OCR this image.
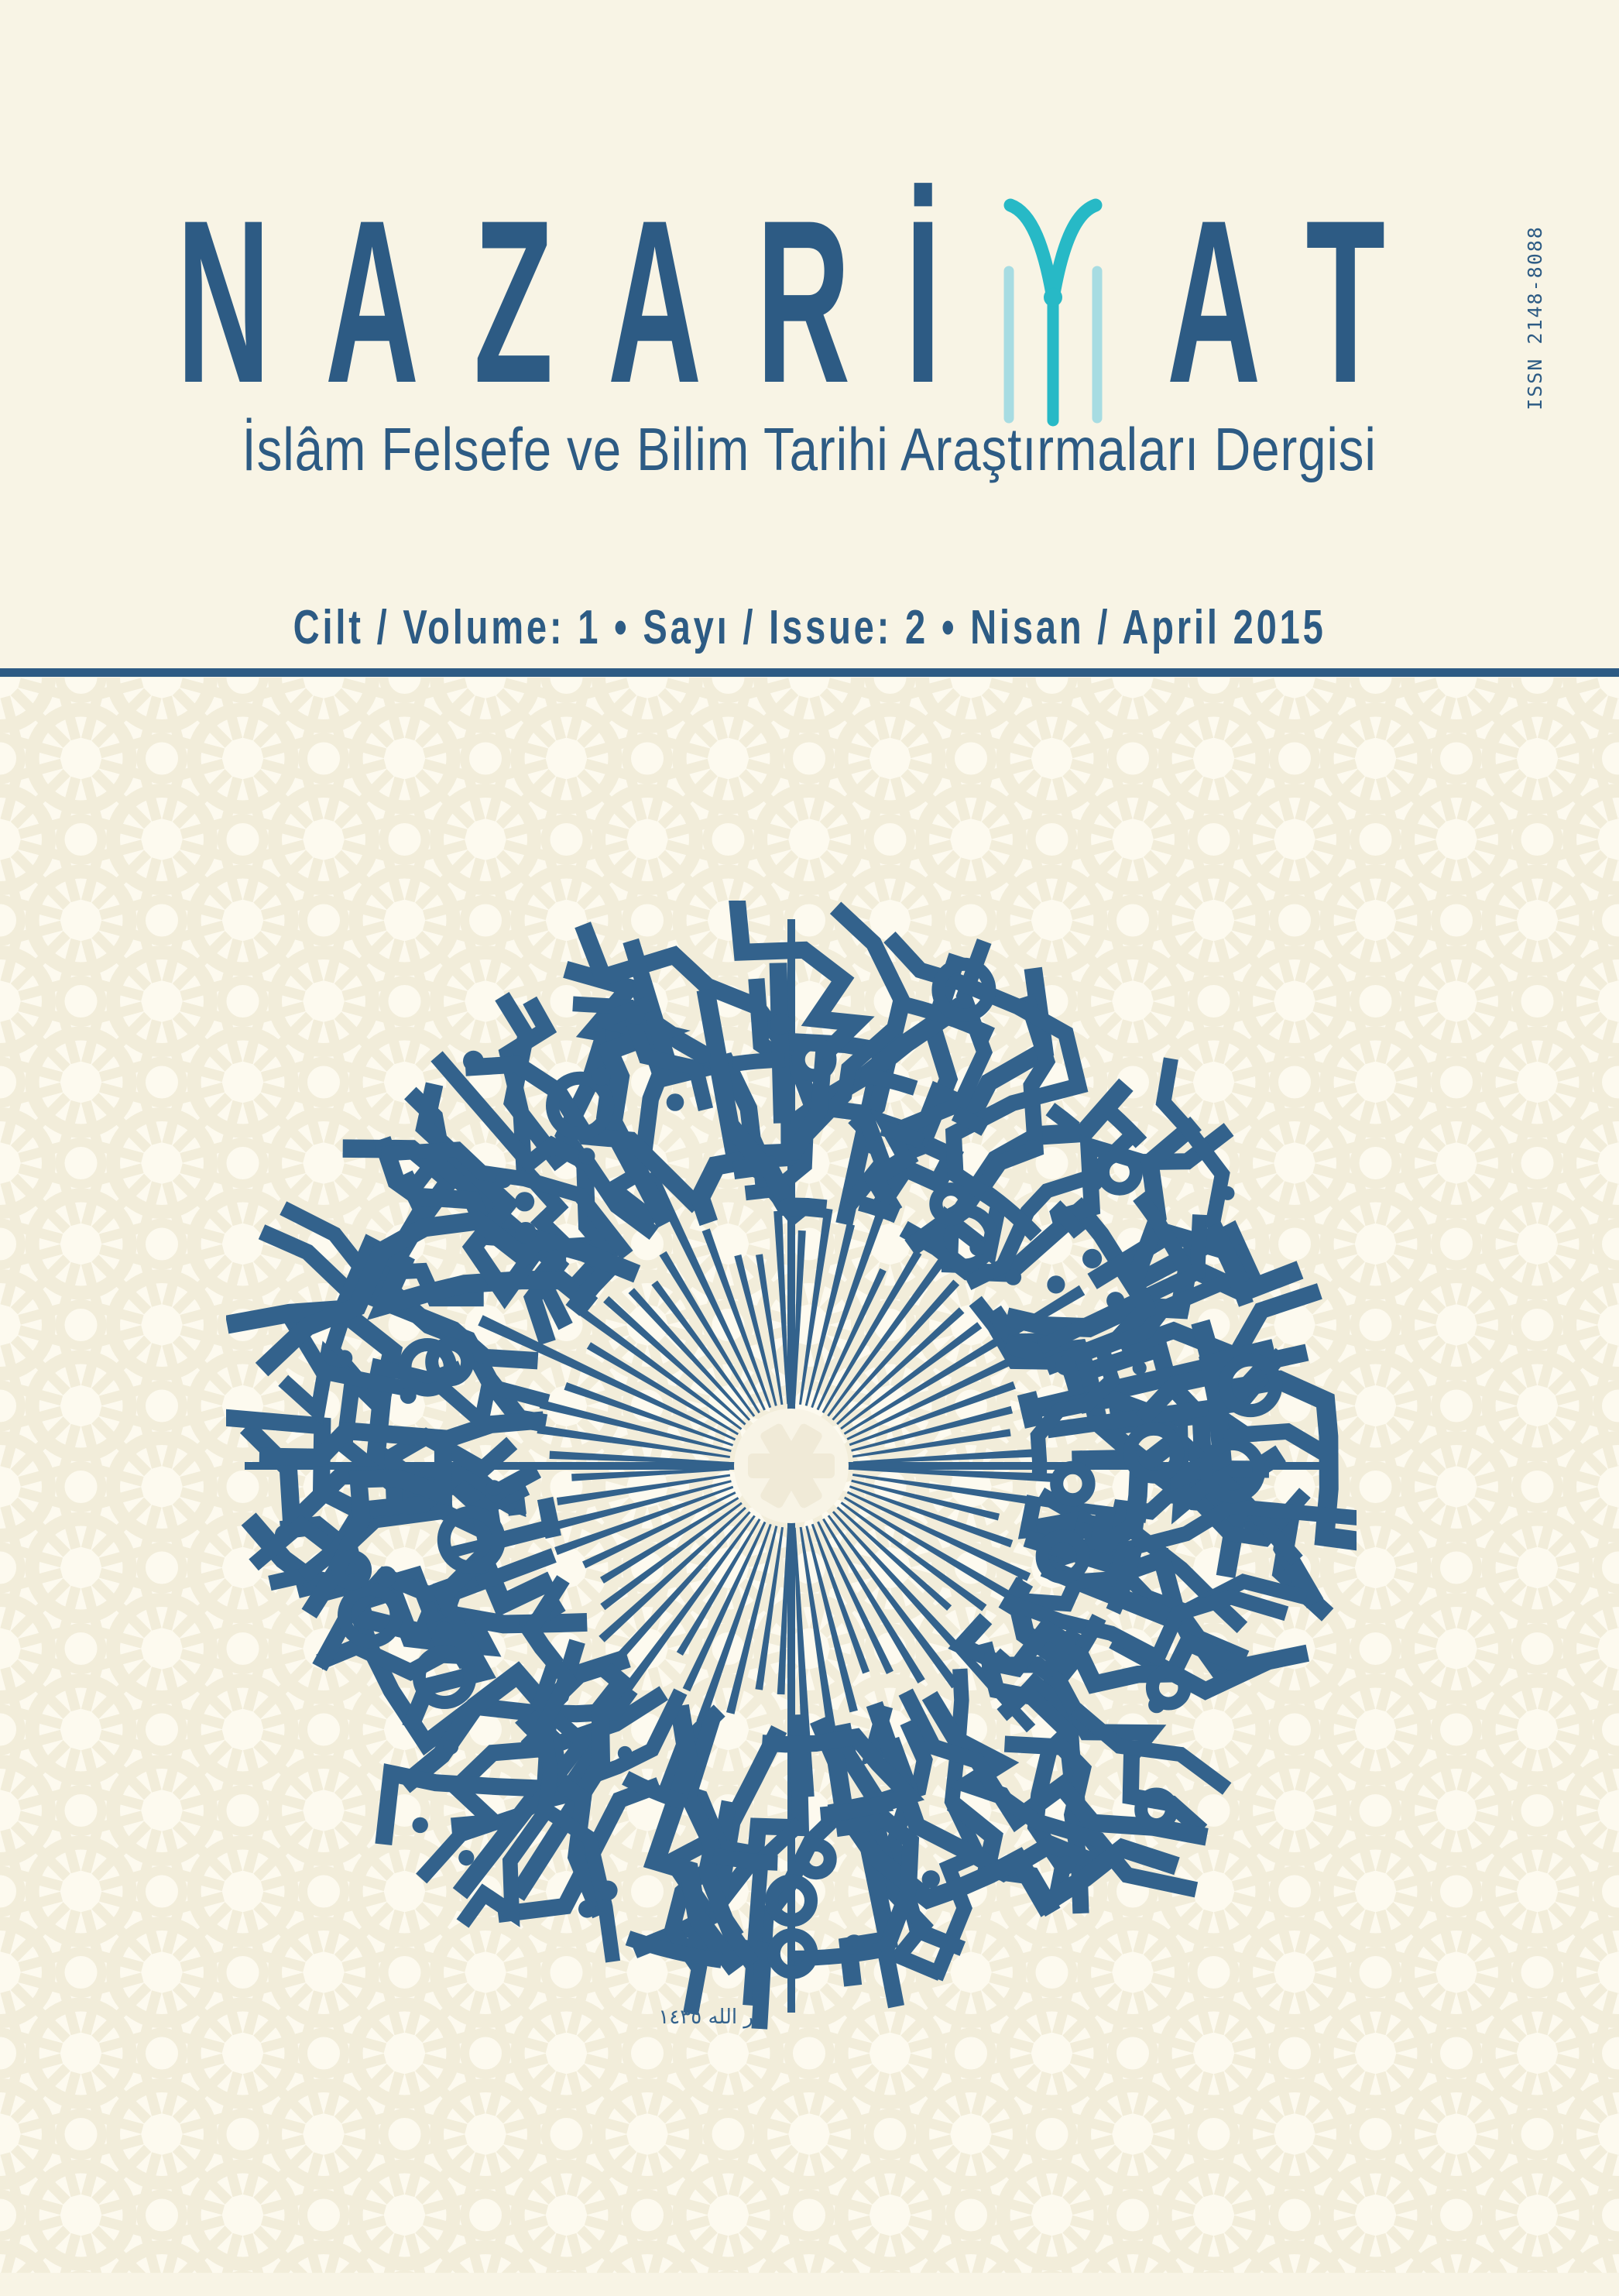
ISSN 2148-8088
NAZARİ AT
İslâm Felsefe ve Bilim Tarihi Araştırmaları Dergisi
Cilt / Volume: 1 • Sayı / Issue: 2 • Nisan / April 2015
نور الله ١٤٣٥
